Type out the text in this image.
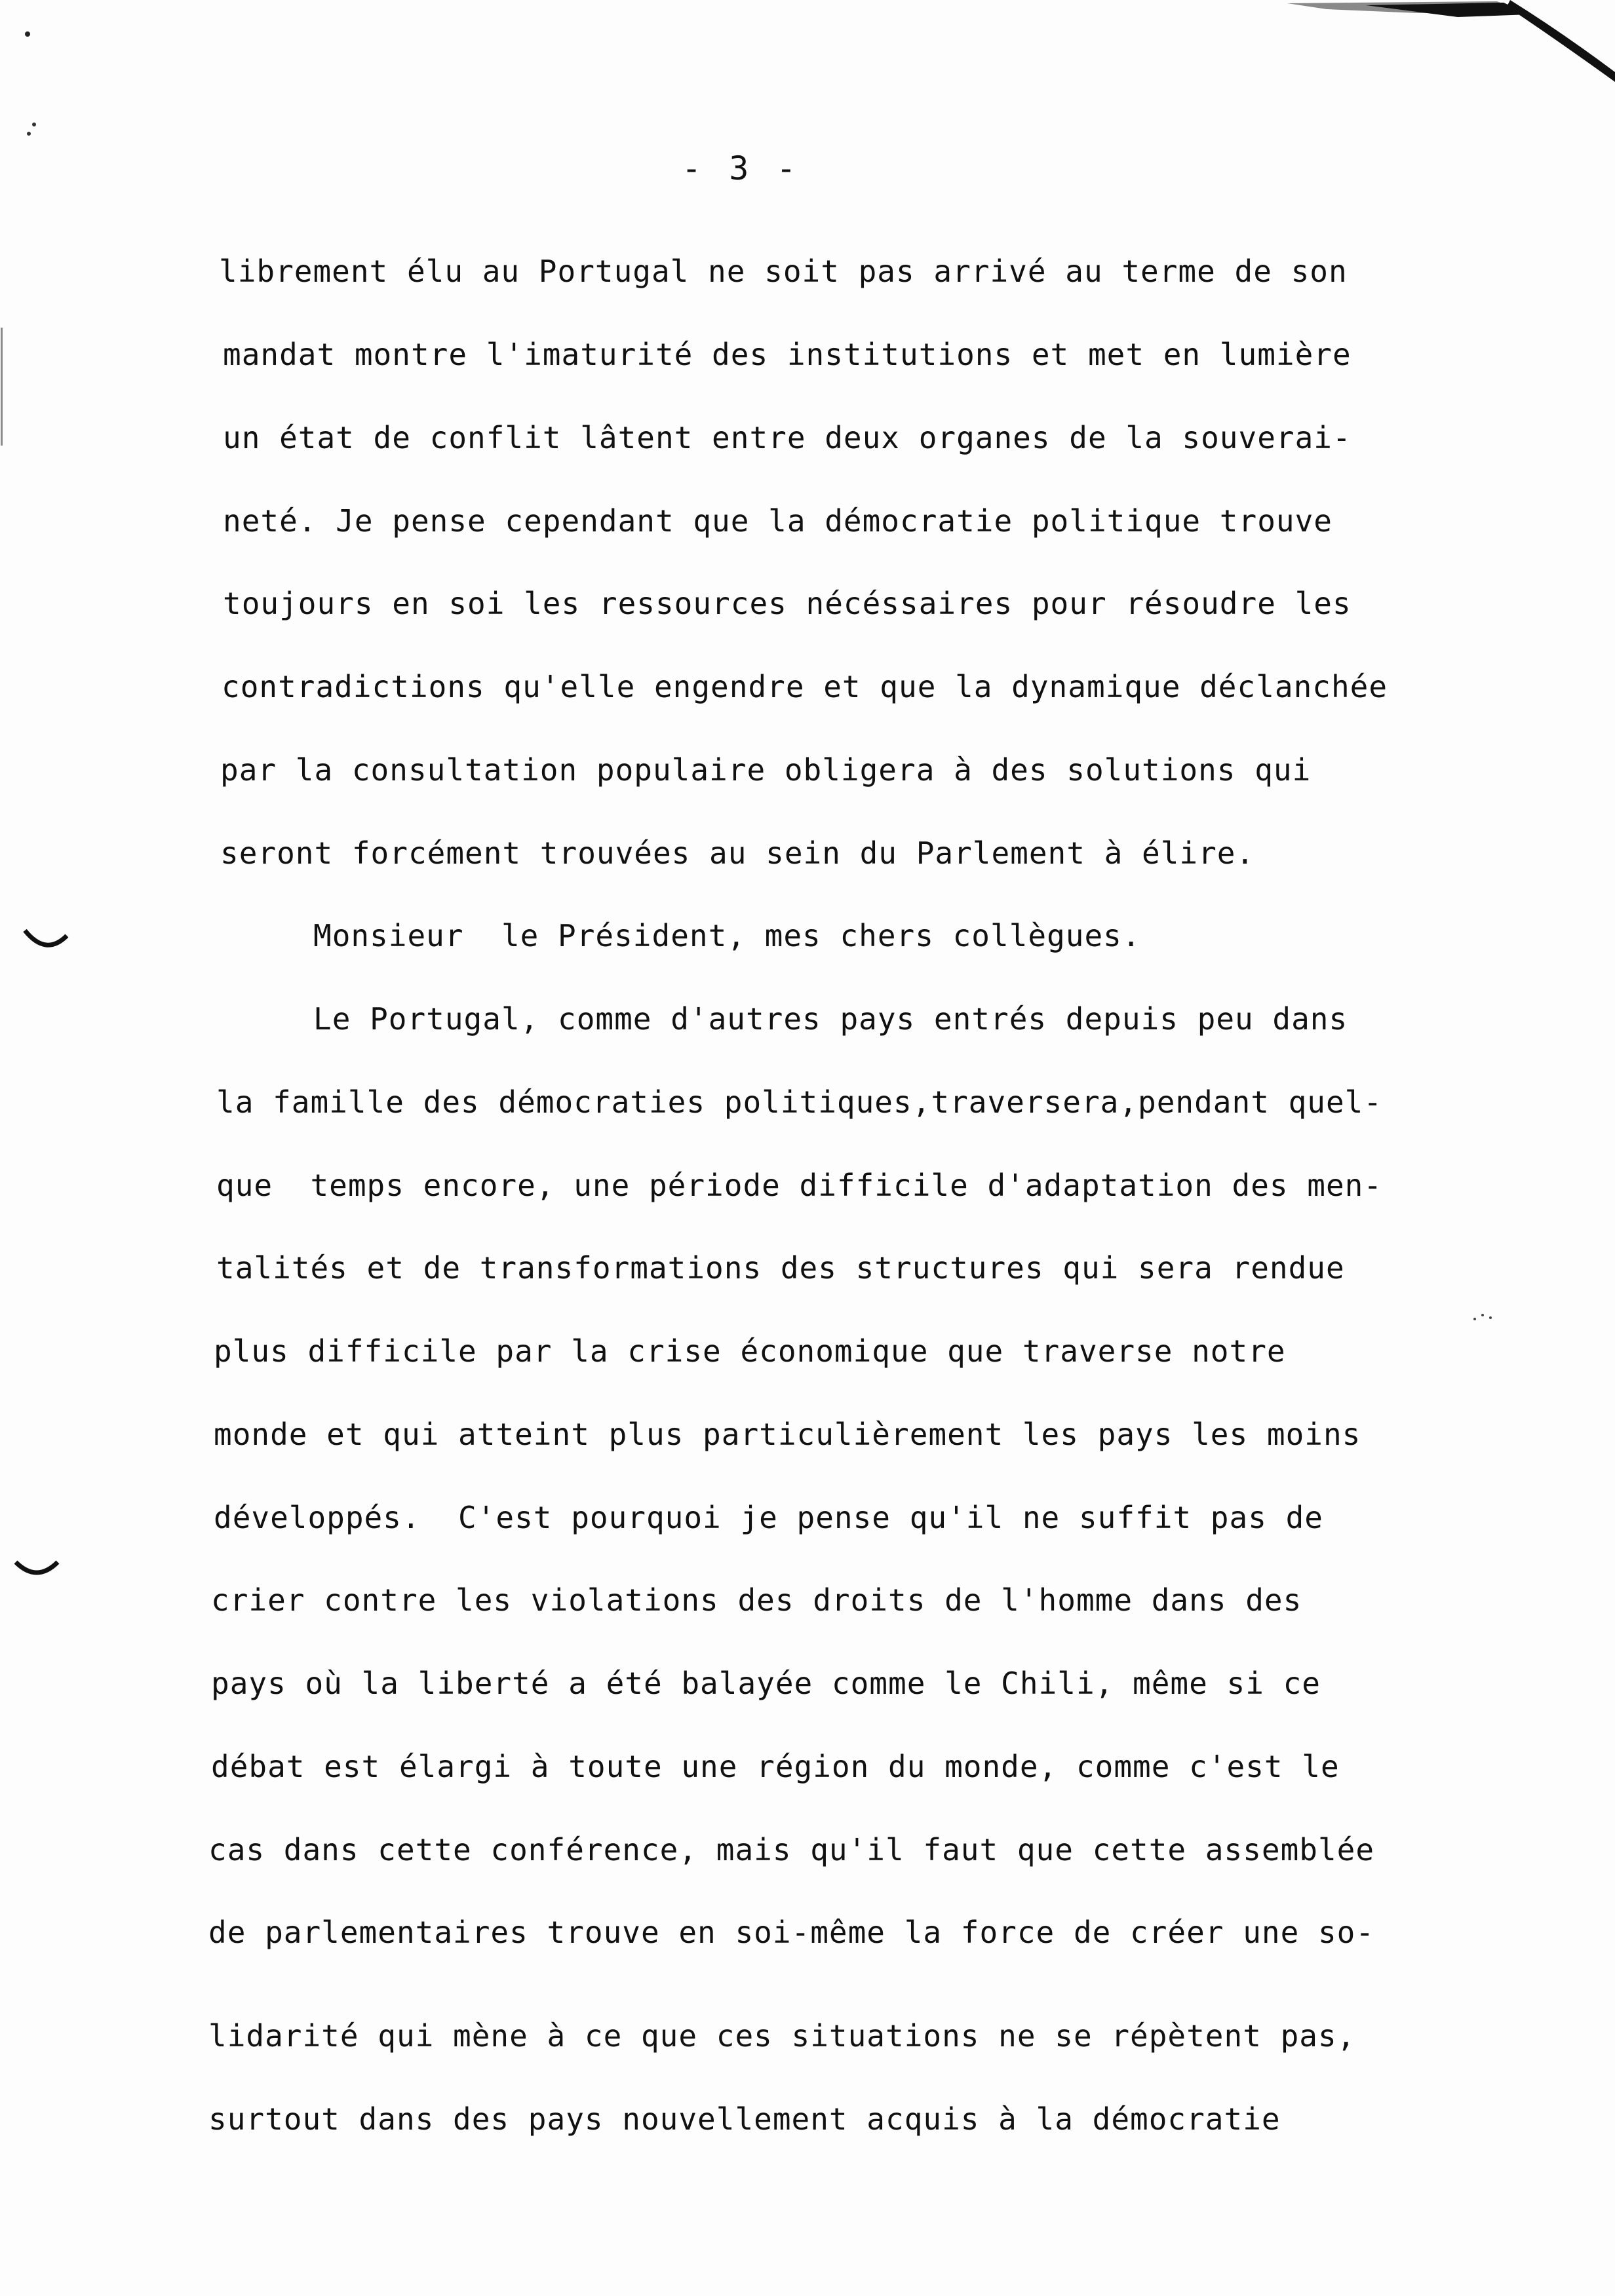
- 3 -
librement élu au Portugal ne soit pas arrivé au terme de son
mandat montre l'imaturité des institutions et met en lumière
un état de conflit lâtent entre deux organes de la souverai-
neté. Je pense cependant que la démocratie politique trouve
toujours en soi les ressources nécéssaires pour résoudre les
contradictions qu'elle engendre et que la dynamique déclanchée
par la consultation populaire obligera à des solutions qui
seront forcément trouvées au sein du Parlement à élire.
Monsieur  le Président, mes chers collègues.
Le Portugal, comme d'autres pays entrés depuis peu dans
la famille des démocraties politiques,traversera,pendant quel-
que  temps encore, une période difficile d'adaptation des men-
talités et de transformations des structures qui sera rendue
plus difficile par la crise économique que traverse notre
monde et qui atteint plus particulièrement les pays les moins
développés.  C'est pourquoi je pense qu'il ne suffit pas de
crier contre les violations des droits de l'homme dans des
pays où la liberté a été balayée comme le Chili, même si ce
débat est élargi à toute une région du monde, comme c'est le
cas dans cette conférence, mais qu'il faut que cette assemblée
de parlementaires trouve en soi-même la force de créer une so-
lidarité qui mène à ce que ces situations ne se répètent pas,
surtout dans des pays nouvellement acquis à la démocratie
